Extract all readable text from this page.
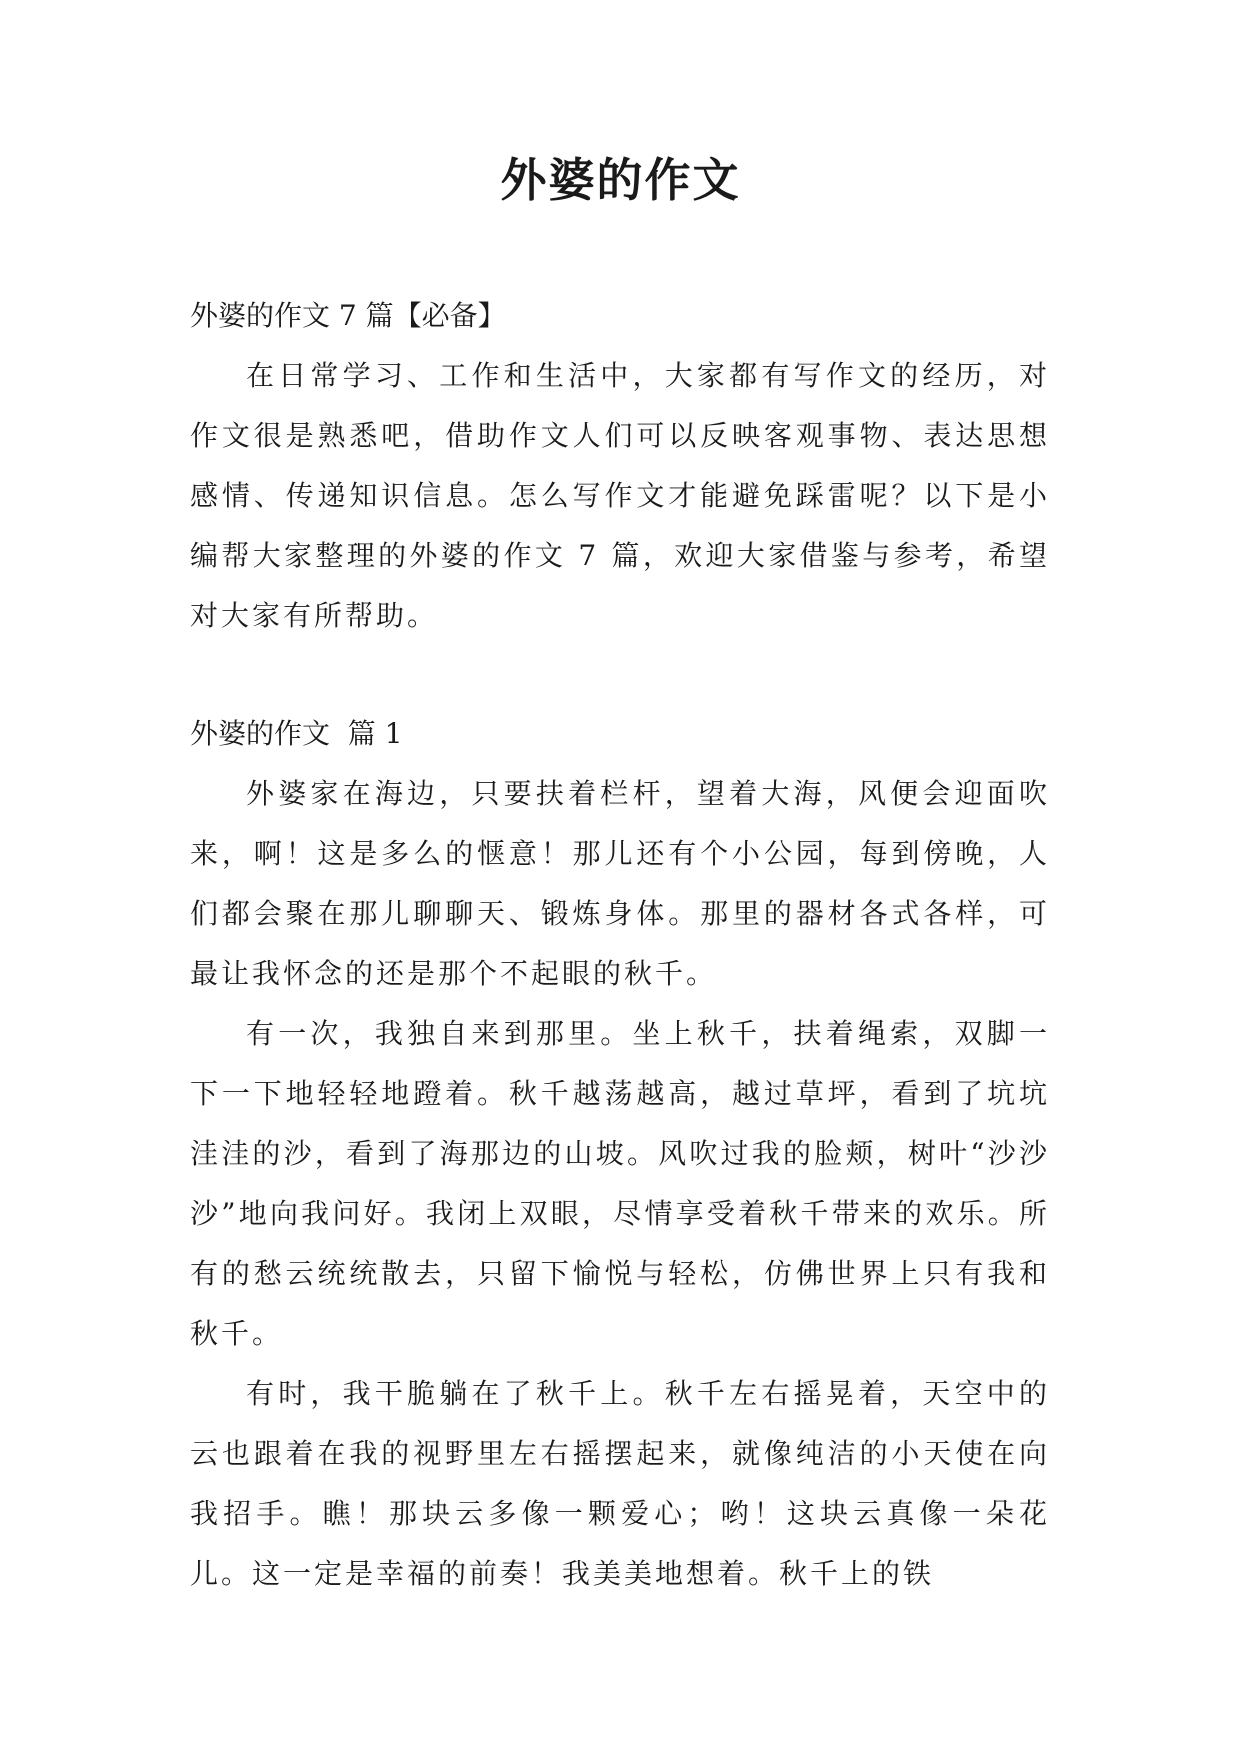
外婆的作文

外婆的作文 7 篇【必备】

在日常学习、工作和生活中，大家都有写作文的经历，对作文很是熟悉吧，借助作文人们可以反映客观事物、表达思想感情、传递知识信息。怎么写作文才能避免踩雷呢？以下是小编帮大家整理的外婆的作文 7 篇，欢迎大家借鉴与参考，希望对大家有所帮助。

外婆的作文  篇 1

外婆家在海边，只要扶着栏杆，望着大海，风便会迎面吹来，啊！这是多么的惬意！那儿还有个小公园，每到傍晚，人们都会聚在那儿聊聊天、锻炼身体。那里的器材各式各样，可最让我怀念的还是那个不起眼的秋千。

有一次，我独自来到那里。坐上秋千，扶着绳索，双脚一下一下地轻轻地蹬着。秋千越荡越高，越过草坪，看到了坑坑洼洼的沙，看到了海那边的山坡。风吹过我的脸颊，树叶“沙沙沙”地向我问好。我闭上双眼，尽情享受着秋千带来的欢乐。所有的愁云统统散去，只留下愉悦与轻松，仿佛世界上只有我和秋千。

有时，我干脆躺在了秋千上。秋千左右摇晃着，天空中的云也跟着在我的视野里左右摇摆起来，就像纯洁的小天使在向我招手。瞧！那块云多像一颗爱心；哟！这块云真像一朵花儿。这一定是幸福的前奏！我美美地想着。秋千上的铁
